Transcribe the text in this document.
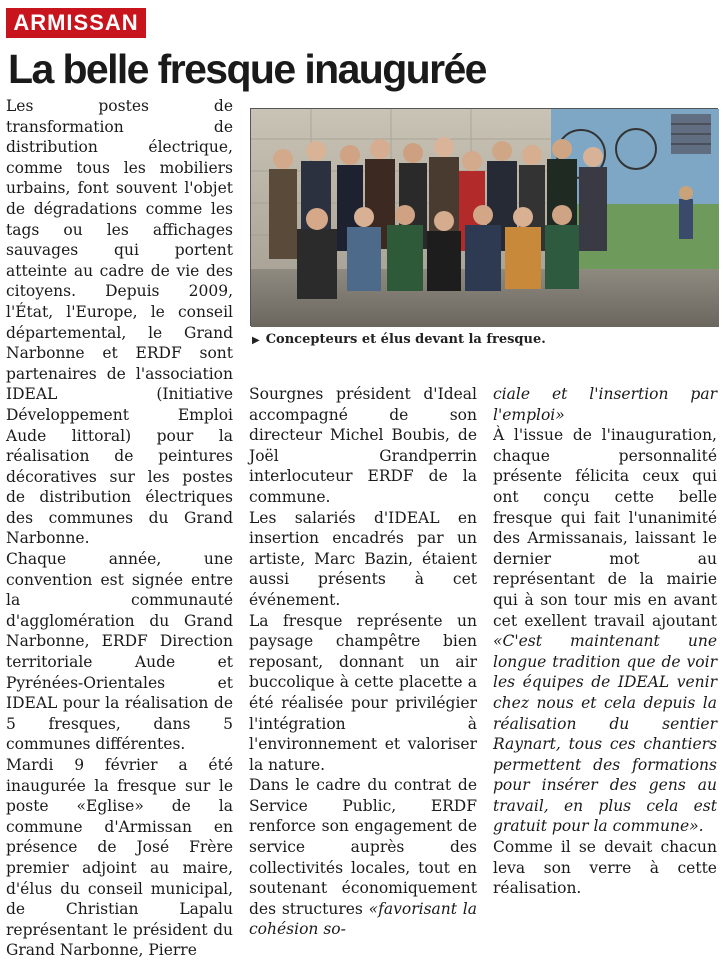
ARMISSAN
La belle fresque inaugurée

Les postes de transformation de distribution électrique, comme tous les mobiliers urbains, font souvent l'objet de dégradations comme les tags ou les affichages sauvages qui portent atteinte au cadre de vie des citoyens. Depuis 2009, l'État, l'Europe, le conseil départemental, le Grand Narbonne et ERDF sont partenaires de l'association IDEAL (Initiative Développement Emploi Aude littoral) pour la réalisation de peintures décoratives sur les postes de distribution électriques des communes du Grand Narbonne.

Chaque année, une convention est signée entre la communauté d'agglomération du Grand Narbonne, ERDF Direction territoriale Aude et Pyrénées-Orientales et IDEAL pour la réalisation de 5 fresques, dans 5 communes différentes.

Mardi 9 février a été inaugurée la fresque sur le poste «Eglise» de la commune d'Armissan en présence de José Frère premier adjoint au maire, d'élus du conseil municipal, de Christian Lapalu représentant le président du Grand Narbonne, Pierre

▶ Concepteurs et élus devant la fresque.

Sourgnes président d'Ideal accompagné de son directeur Michel Boubis, de Joël Grandperrin interlocuteur ERDF de la commune.

Les salariés d'IDEAL en insertion encadrés par un artiste, Marc Bazin, étaient aussi présents à cet événement.

La fresque représente un paysage champêtre bien reposant, donnant un air buccolique à cette placette a été réalisée pour privilégier l'intégration à l'environnement et valoriser la nature.

Dans le cadre du contrat de Service Public, ERDF renforce son engagement de service auprès des collectivités locales, tout en soutenant économiquement des structures «favorisant la cohésion so-

ciale et l'insertion par l'emploi»

À l'issue de l'inauguration, chaque personnalité présente félicita ceux qui ont conçu cette belle fresque qui fait l'unanimité des Armissanais, laissant le dernier mot au représentant de la mairie qui à son tour mis en avant cet exellent travail ajoutant «C'est maintenant une longue tradition que de voir les équipes de IDEAL venir chez nous et cela depuis la réalisation du sentier Raynart, tous ces chantiers permettent des formations pour insérer des gens au travail, en plus cela est gratuit pour la commune».

Comme il se devait chacun leva son verre à cette réalisation.
